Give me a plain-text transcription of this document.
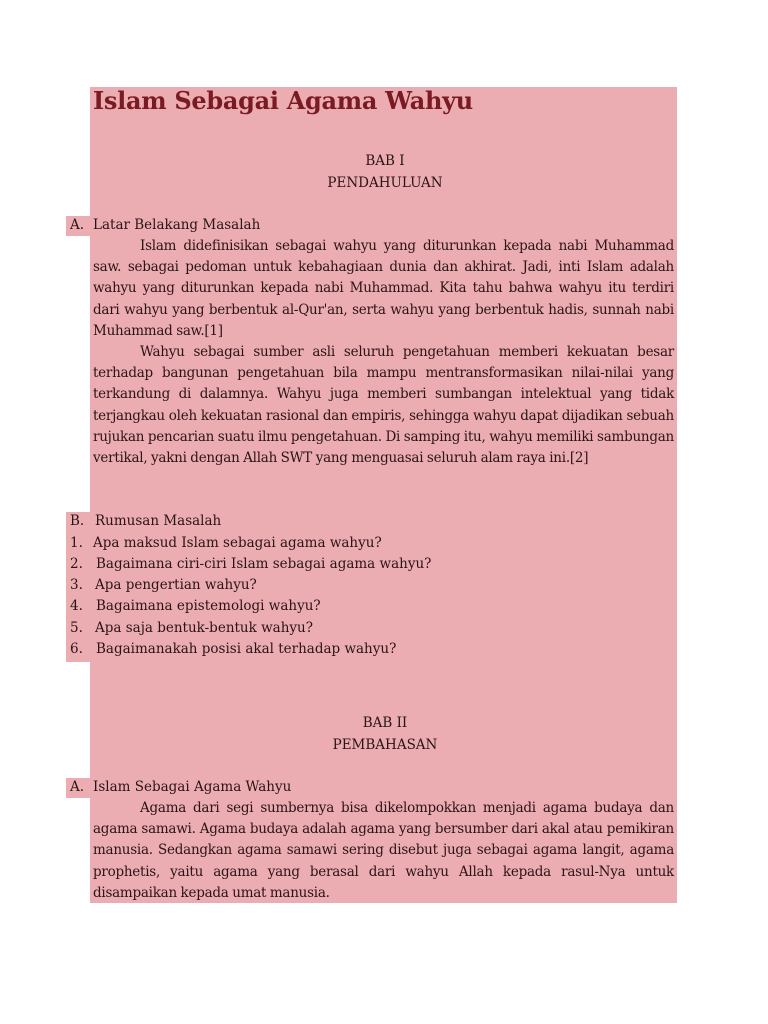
Islam Sebagai Agama Wahyu
BAB I
PENDAHULUAN
A. Latar Belakang Masalah
Islam didefinisikan sebagai wahyu yang diturunkan kepada nabi Muhammad saw. sebagai pedoman untuk kebahagiaan dunia dan akhirat. Jadi, inti Islam adalah wahyu yang diturunkan kepada nabi Muhammad. Kita tahu bahwa wahyu itu terdiri dari wahyu yang berbentuk al-Qur'an, serta wahyu yang berbentuk hadis, sunnah nabi Muhammad saw.[1]
Wahyu sebagai sumber asli seluruh pengetahuan memberi kekuatan besar terhadap bangunan pengetahuan bila mampu mentransformasikan nilai-nilai yang terkandung di dalamnya. Wahyu juga memberi sumbangan intelektual yang tidak terjangkau oleh kekuatan rasional dan empiris, sehingga wahyu dapat dijadikan sebuah rujukan pencarian suatu ilmu pengetahuan. Di samping itu, wahyu memiliki sambungan vertikal, yakni dengan Allah SWT yang menguasai seluruh alam raya ini.[2]
B. Rumusan Masalah
1. Apa maksud Islam sebagai agama wahyu?
2. Bagaimana ciri-ciri Islam sebagai agama wahyu?
3. Apa pengertian wahyu?
4. Bagaimana epistemologi wahyu?
5. Apa saja bentuk-bentuk wahyu?
6. Bagaimanakah posisi akal terhadap wahyu?
BAB II
PEMBAHASAN
A. Islam Sebagai Agama Wahyu
Agama dari segi sumbernya bisa dikelompokkan menjadi agama budaya dan agama samawi. Agama budaya adalah agama yang bersumber dari akal atau pemikiran manusia. Sedangkan agama samawi sering disebut juga sebagai agama langit, agama prophetis, yaitu agama yang berasal dari wahyu Allah kepada rasul-Nya untuk disampaikan kepada umat manusia.
